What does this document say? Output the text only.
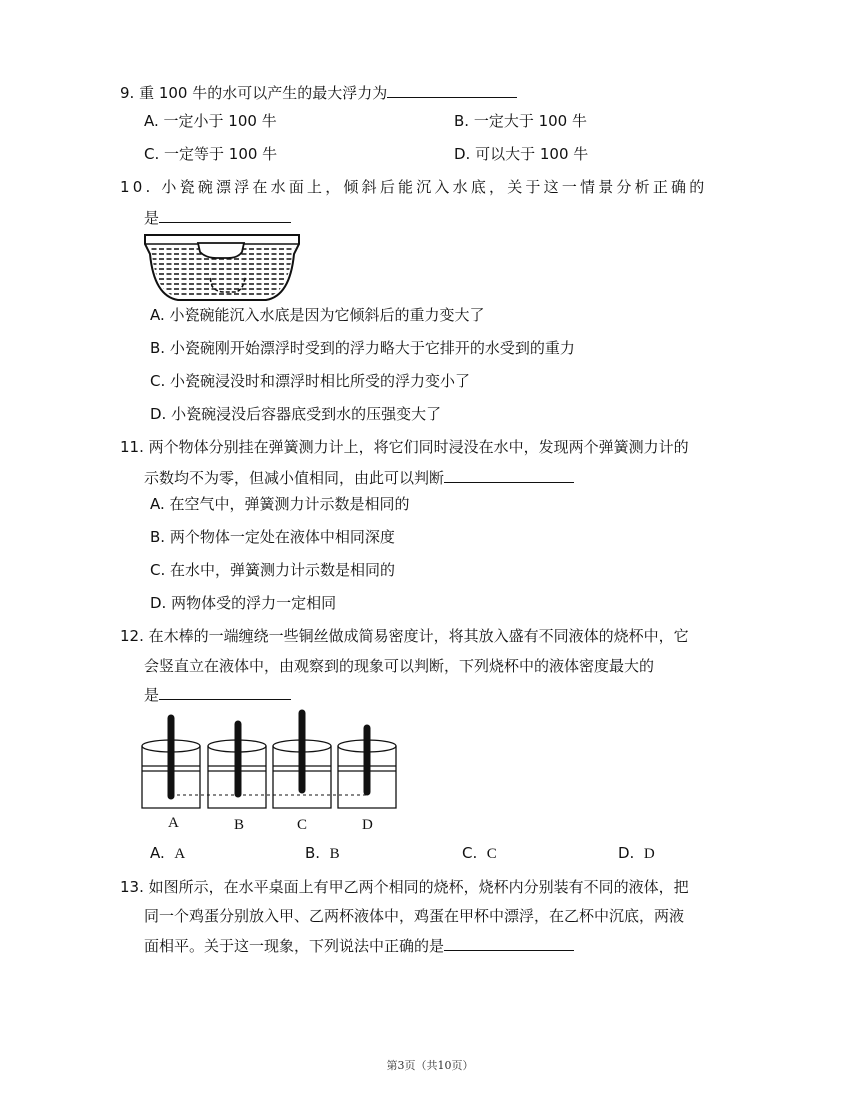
9. 重 100 牛的水可以产生的最大浮力为
A. 一定小于 100 牛	B. 一定大于 100 牛
C. 一定等于 100 牛	D. 可以大于 100 牛
10. 小瓷碗漂浮在水面上，倾斜后能沉入水底，关于这一情景分析正确的
是
A. 小瓷碗能沉入水底是因为它倾斜后的重力变大了
B. 小瓷碗刚开始漂浮时受到的浮力略大于它排开的水受到的重力
C. 小瓷碗浸没时和漂浮时相比所受的浮力变小了
D. 小瓷碗浸没后容器底受到水的压强变大了
11. 两个物体分别挂在弹簧测力计上，将它们同时浸没在水中，发现两个弹簧测力计的
示数均不为零，但减小值相同，由此可以判断
A. 在空气中，弹簧测力计示数是相同的
B. 两个物体一定处在液体中相同深度
C. 在水中，弹簧测力计示数是相同的
D. 两物体受的浮力一定相同
12. 在木棒的一端缠绕一些铜丝做成简易密度计，将其放入盛有不同液体的烧杯中，它
会竖直立在液体中，由观察到的现象可以判断，下列烧杯中的液体密度最大的
是
A	B	C	D
A. A	B. B	C. C	D. D
13. 如图所示，在水平桌面上有甲乙两个相同的烧杯，烧杯内分别装有不同的液体，把
同一个鸡蛋分别放入甲、乙两杯液体中，鸡蛋在甲杯中漂浮，在乙杯中沉底，两液
面相平。关于这一现象，下列说法中正确的是
第3页（共10页）
